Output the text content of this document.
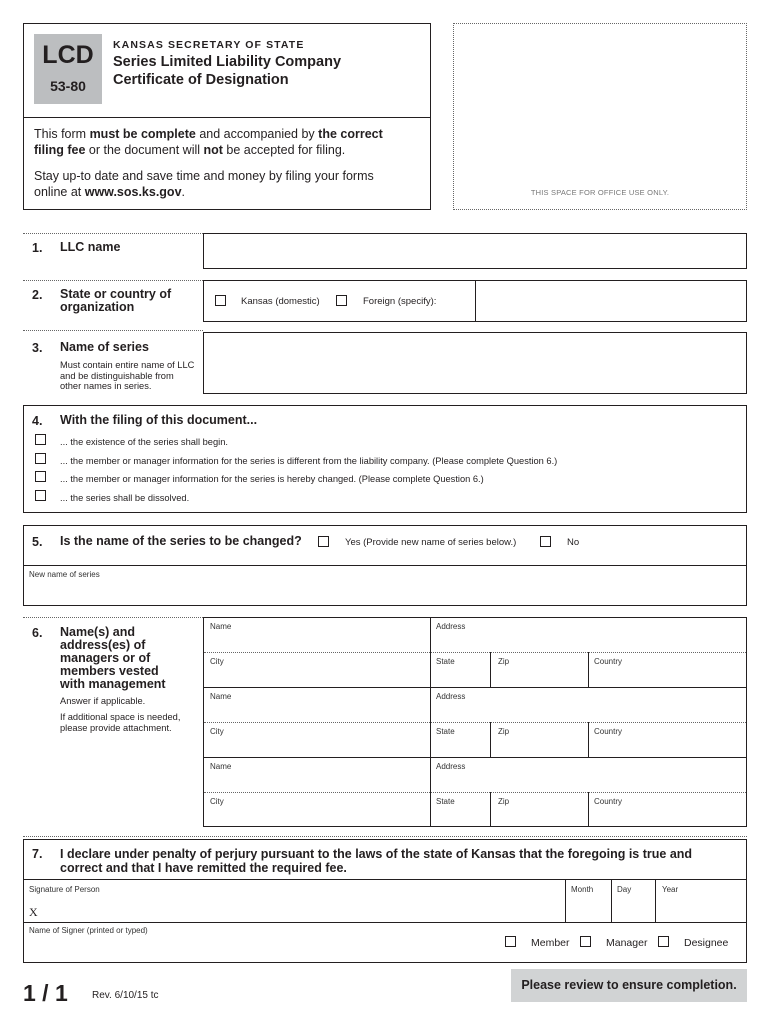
LCD
53-80
KANSAS SECRETARY OF STATE
Series Limited Liability Company
Certificate of Designation
This form must be complete and accompanied by the correct
filing fee or the document will not be accepted for filing.
Stay up-to date and save time and money by filing your forms
online at www.sos.ks.gov.	THIS SPACE FOR OFFICE USE ONLY.
1. LLC name
2. State or country of organization	Kansas (domestic)	Foreign (specify):
3. Name of series
Must contain entire name of LLC and be distinguishable from other names in series.
4. With the filing of this document...
... the existence of the series shall begin.
... the member or manager information for the series is different from the liability company. (Please complete Question 6.)
... the member or manager information for the series is hereby changed. (Please complete Question 6.)
... the series shall be dissolved.
5. Is the name of the series to be changed?	Yes (Provide new name of series below.)	No
New name of series
6. Name(s) and address(es) of managers or of members vested with management
Answer if applicable.
If additional space is needed, please provide attachment.
Name	Address
City	State	Zip	Country
Name	Address
City	State	Zip	Country
Name	Address
City	State	Zip	Country
7. I declare under penalty of perjury pursuant to the laws of the state of Kansas that the foregoing is true and correct and that I have remitted the required fee.
Signature of Person
X
Month	Day	Year
Name of Signer (printed or typed)
Member	Manager	Designee
1 / 1 Rev. 6/10/15 tc
Please review to ensure completion.
